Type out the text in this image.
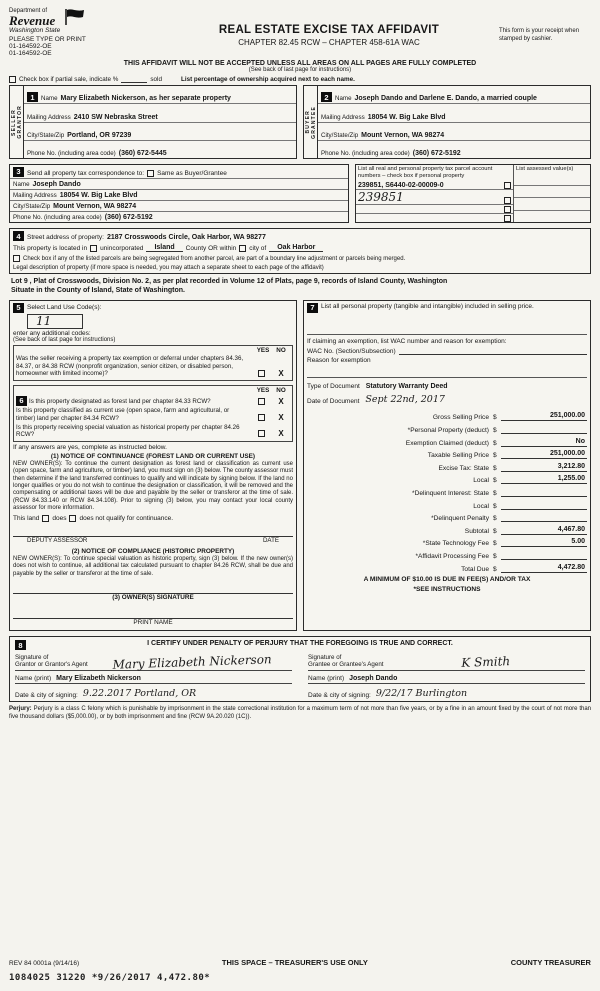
Department of
Revenue
Washington State
PLEASE TYPE OR PRINT
01-164592-OE
01-164592-OE
REAL ESTATE EXCISE TAX AFFIDAVIT
CHAPTER 82.45 RCW – CHAPTER 458-61A WAC
This form is your receipt when stamped by cashier.
THIS AFFIDAVIT WILL NOT BE ACCEPTED UNLESS ALL AREAS ON ALL PAGES ARE FULLY COMPLETED
(See back of last page for instructions)
Check box if partial sale, indicate %	sold	List percentage of ownership acquired next to each name.
SELLER GRANTOR
1	Name Mary Elizabeth Nickerson, as her separate property
Mailing Address 2410 SW Nebraska Street
City/State/Zip Portland, OR 97239
Phone No. (including area code) (360) 672-5445
BUYER GRANTEE
2	Name Joseph Dando and Darlene E. Dando, a married couple
Mailing Address 18054 W. Big Lake Blvd
City/State/Zip Mount Vernon, WA 98274
Phone No. (including area code) (360) 672-5192
3 Send all property tax correspondence to: Same as Buyer/Grantee
Name Joseph Dando
Mailing Address 18054 W. Big Lake Blvd
City/State/Zip Mount Vernon, WA 98274
Phone No. (including area code) (360) 672-5192
List all real and personal property tax parcel account numbers – check box if personal property
239851, S6440-02-00009-0
239851
List assessed value(s)
4 Street address of property: 2187 Crosswoods Circle, Oak Harbor, WA 98277
This property is located in unincorporated	Island	County OR within city of	Oak Harbor
Check box if any of the listed parcels are being segregated from another parcel, are part of a boundary line adjustment or parcels being merged.
Legal description of property (if more space is needed, you may attach a separate sheet to each page of the affidavit)
Lot 9 , Plat of Crosswoods, Division No. 2, as per plat recorded in Volume 12 of Plats, page 9, records of Island County, Washington
Situate in the County of Island, State of Washington.
5 Select Land Use Code(s):
11
enter any additional codes:
(See back of last page for instructions)
YES	NO
Was the seller receiving a property tax exemption or deferral under chapters 84.36, 84.37, or 84.38 RCW (nonprofit organization, senior citizen, or disabled person, homeowner with limited income)?	X
YES	NO
6 Is this property designated as forest land per chapter 84.33 RCW?	X
Is this property classified as current use (open space, farm and agricultural, or timber) land per chapter 84.34 RCW?	X
Is this property receiving special valuation as historical property per chapter 84.26 RCW?	X
If any answers are yes, complete as instructed below.
(1) NOTICE OF CONTINUANCE (FOREST LAND OR CURRENT USE)
NEW OWNER(S): To continue the current designation as forest land or classification as current use (open space, farm and agriculture, or timber) land, you must sign on (3) below. The county assessor must then determine if the land transferred continues to qualify and will indicate by signing below. If the land no longer qualifies or you do not wish to continue the designation or classification, it will be removed and the compensating or additional taxes will be due and payable by the seller or transferor at the time of sale. (RCW 84.33.140 or RCW 84.34.108). Prior to signing (3) below, you may contact your local county assessor for more information.
This land does does not qualify for continuance.
DEPUTY ASSESSOR	DATE
(2) NOTICE OF COMPLIANCE (HISTORIC PROPERTY)
NEW OWNER(S): To continue special valuation as historic property, sign (3) below. If the new owner(s) does not wish to continue, all additional tax calculated pursuant to chapter 84.26 RCW, shall be due and payable by the seller or transferor at the time of sale.
(3) OWNER(S) SIGNATURE
PRINT NAME
7 List all personal property (tangible and intangible) included in selling price.
If claiming an exemption, list WAC number and reason for exemption:
WAC No. (Section/Subsection)
Reason for exemption
Type of Document Statutory Warranty Deed
Date of Document Sept 22nd, 2017
Gross Selling Price $	251,000.00
*Personal Property (deduct) $
Exemption Claimed (deduct) $	No
Taxable Selling Price $	251,000.00
Excise Tax: State $	3,212.80
Local $	1,255.00
*Delinquent Interest: State $
Local $
*Delinquent Penalty $
Subtotal $	4,467.80
*State Technology Fee $	5.00
*Affidavit Processing Fee $
Total Due $	4,472.80
A MINIMUM OF $10.00 IS DUE IN FEE(S) AND/OR TAX
*SEE INSTRUCTIONS
8	I CERTIFY UNDER PENALTY OF PERJURY THAT THE FOREGOING IS TRUE AND CORRECT.
Signature of
Grantor or Grantor's Agent	Mary Elizabeth Nickerson
Name (print) Mary Elizabeth Nickerson
Date & city of signing: 9.22.2017 Portland, OR
Signature of
Grantee or Grantee's Agent	K Smith
Name (print) Joseph Dando
Date & city of signing: 9/22/17 Burlington
Perjury: Perjury is a class C felony which is punishable by imprisonment in the state correctional institution for a maximum term of not more than five years, or by a fine in an amount fixed by the court of not more than five thousand dollars ($5,000.00), or by both imprisonment and fine (RCW 9A.20.020 (1C)).
REV 84 0001a (9/14/16)	THIS SPACE – TREASURER'S USE ONLY	COUNTY TREASURER
1084025 31220 *9/26/2017 4,472.80*
